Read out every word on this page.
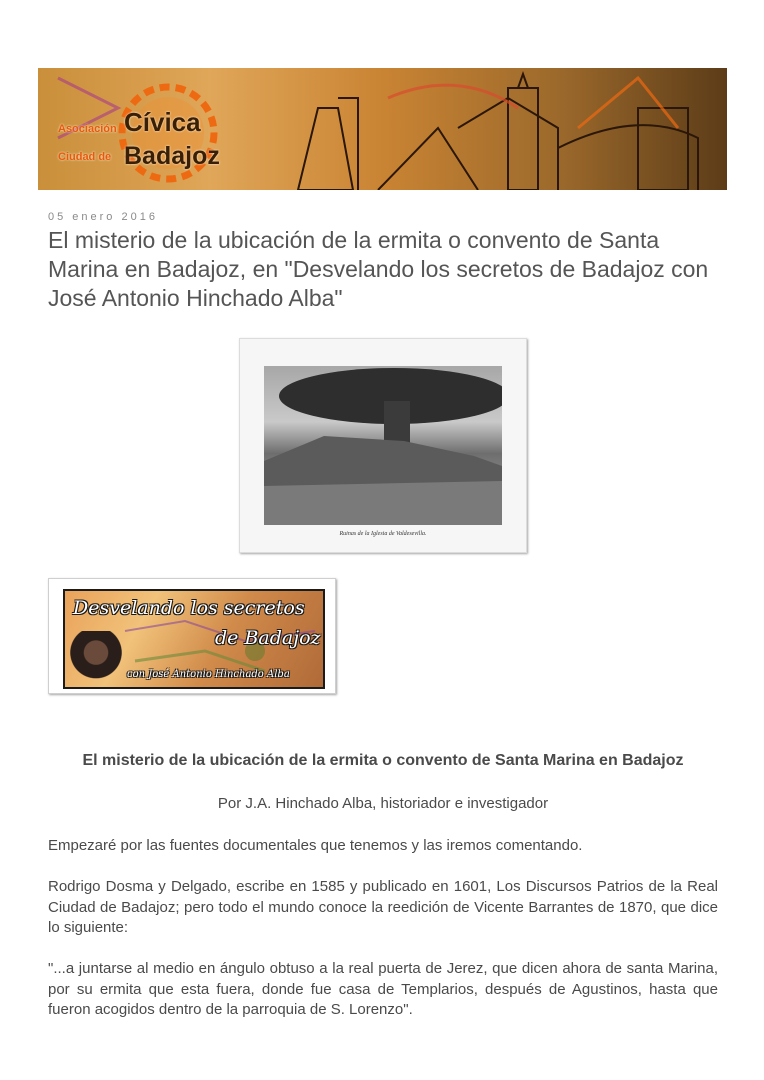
Asociación Cívica
Ciudad de Badajoz
05 enero 2016
El misterio de la ubicación de la ermita o convento de Santa Marina en Badajoz, en "Desvelando los secretos de Badajoz con José Antonio Hinchado Alba"
Ruinas de la Iglesia de Valdesevilla.
Desvelando los secretos
de Badajoz
con José Antonio Hinchado Alba
El misterio de la ubicación de la ermita o convento de Santa Marina en Badajoz
Por J.A. Hinchado Alba, historiador e investigador

Empezaré por las fuentes documentales que tenemos y las iremos comentando.

Rodrigo Dosma y Delgado, escribe en 1585 y publicado en 1601, Los Discursos Patrios de la Real Ciudad de Badajoz; pero todo el mundo conoce la reedición de Vicente Barrantes de 1870, que dice lo siguiente:

"...a juntarse al medio en ángulo obtuso a la real puerta de Jerez, que dicen ahora de santa Marina, por su ermita que esta fuera, donde fue casa de Templarios, después de Agustinos, hasta que fueron acogidos dentro de la parroquia de S. Lorenzo".
